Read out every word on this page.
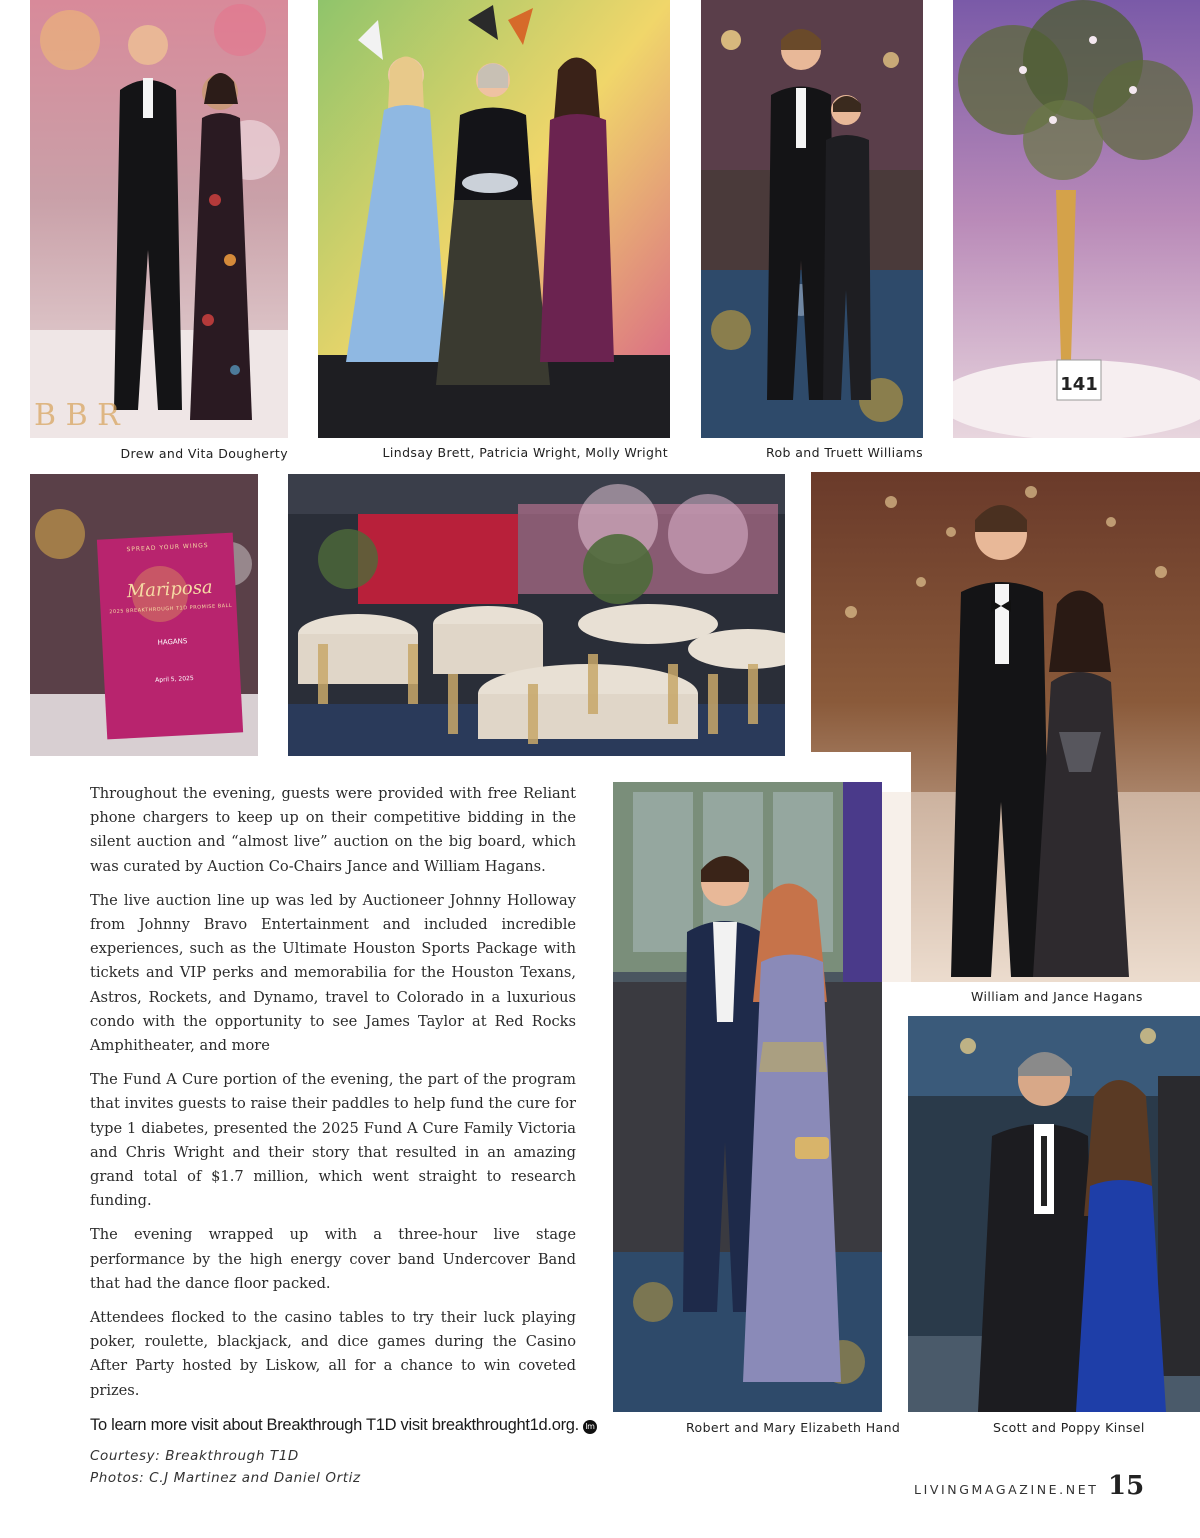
B B R
Drew and Vita Dougherty	Lindsay Brett, Patricia Wright, Molly Wright	Rob and Truett Williams
141
SPREAD YOUR WINGS
Mariposa
2025 BREAKTHROUGH T1D PROMISE BALL
HAGANS
April 5, 2025
William and Jance Hagans
Robert and Mary Elizabeth Hand	Scott and Poppy Kinsel

Throughout the evening, guests were provided with free Reliant phone chargers to keep up on their competitive bidding in the silent auction and “almost live” auction on the big board, which was curated by Auction Co-Chairs Jance and William Hagans.

The live auction line up was led by Auctioneer Johnny Holloway from Johnny Bravo Entertainment and included incredible experiences, such as the Ultimate Houston Sports Package with tickets and VIP perks and memorabilia for the Houston Texans, Astros, Rockets, and Dynamo, travel to Colorado in a luxurious condo with the opportunity to see James Taylor at Red Rocks Amphitheater, and more

The Fund A Cure portion of the evening, the part of the program that invites guests to raise their paddles to help fund the cure for type 1 diabetes, presented the 2025 Fund A Cure Family Victoria and Chris Wright and their story that resulted in an amazing grand total of $1.7 million, which went straight to research funding.

The evening wrapped up with a three-hour live stage performance by the high energy cover band Undercover Band that had the dance floor packed.

Attendees flocked to the casino tables to try their luck playing poker, roulette, blackjack, and dice games during the Casino After Party hosted by Liskow, all for a chance to win coveted prizes.

To learn more visit about Breakthrough T1D visit breakthrought1d.org. lm
Courtesy: Breakthrough T1D
Photos: C.J Martinez and Daniel Ortiz
LIVINGMAGAZINE.NET 15
